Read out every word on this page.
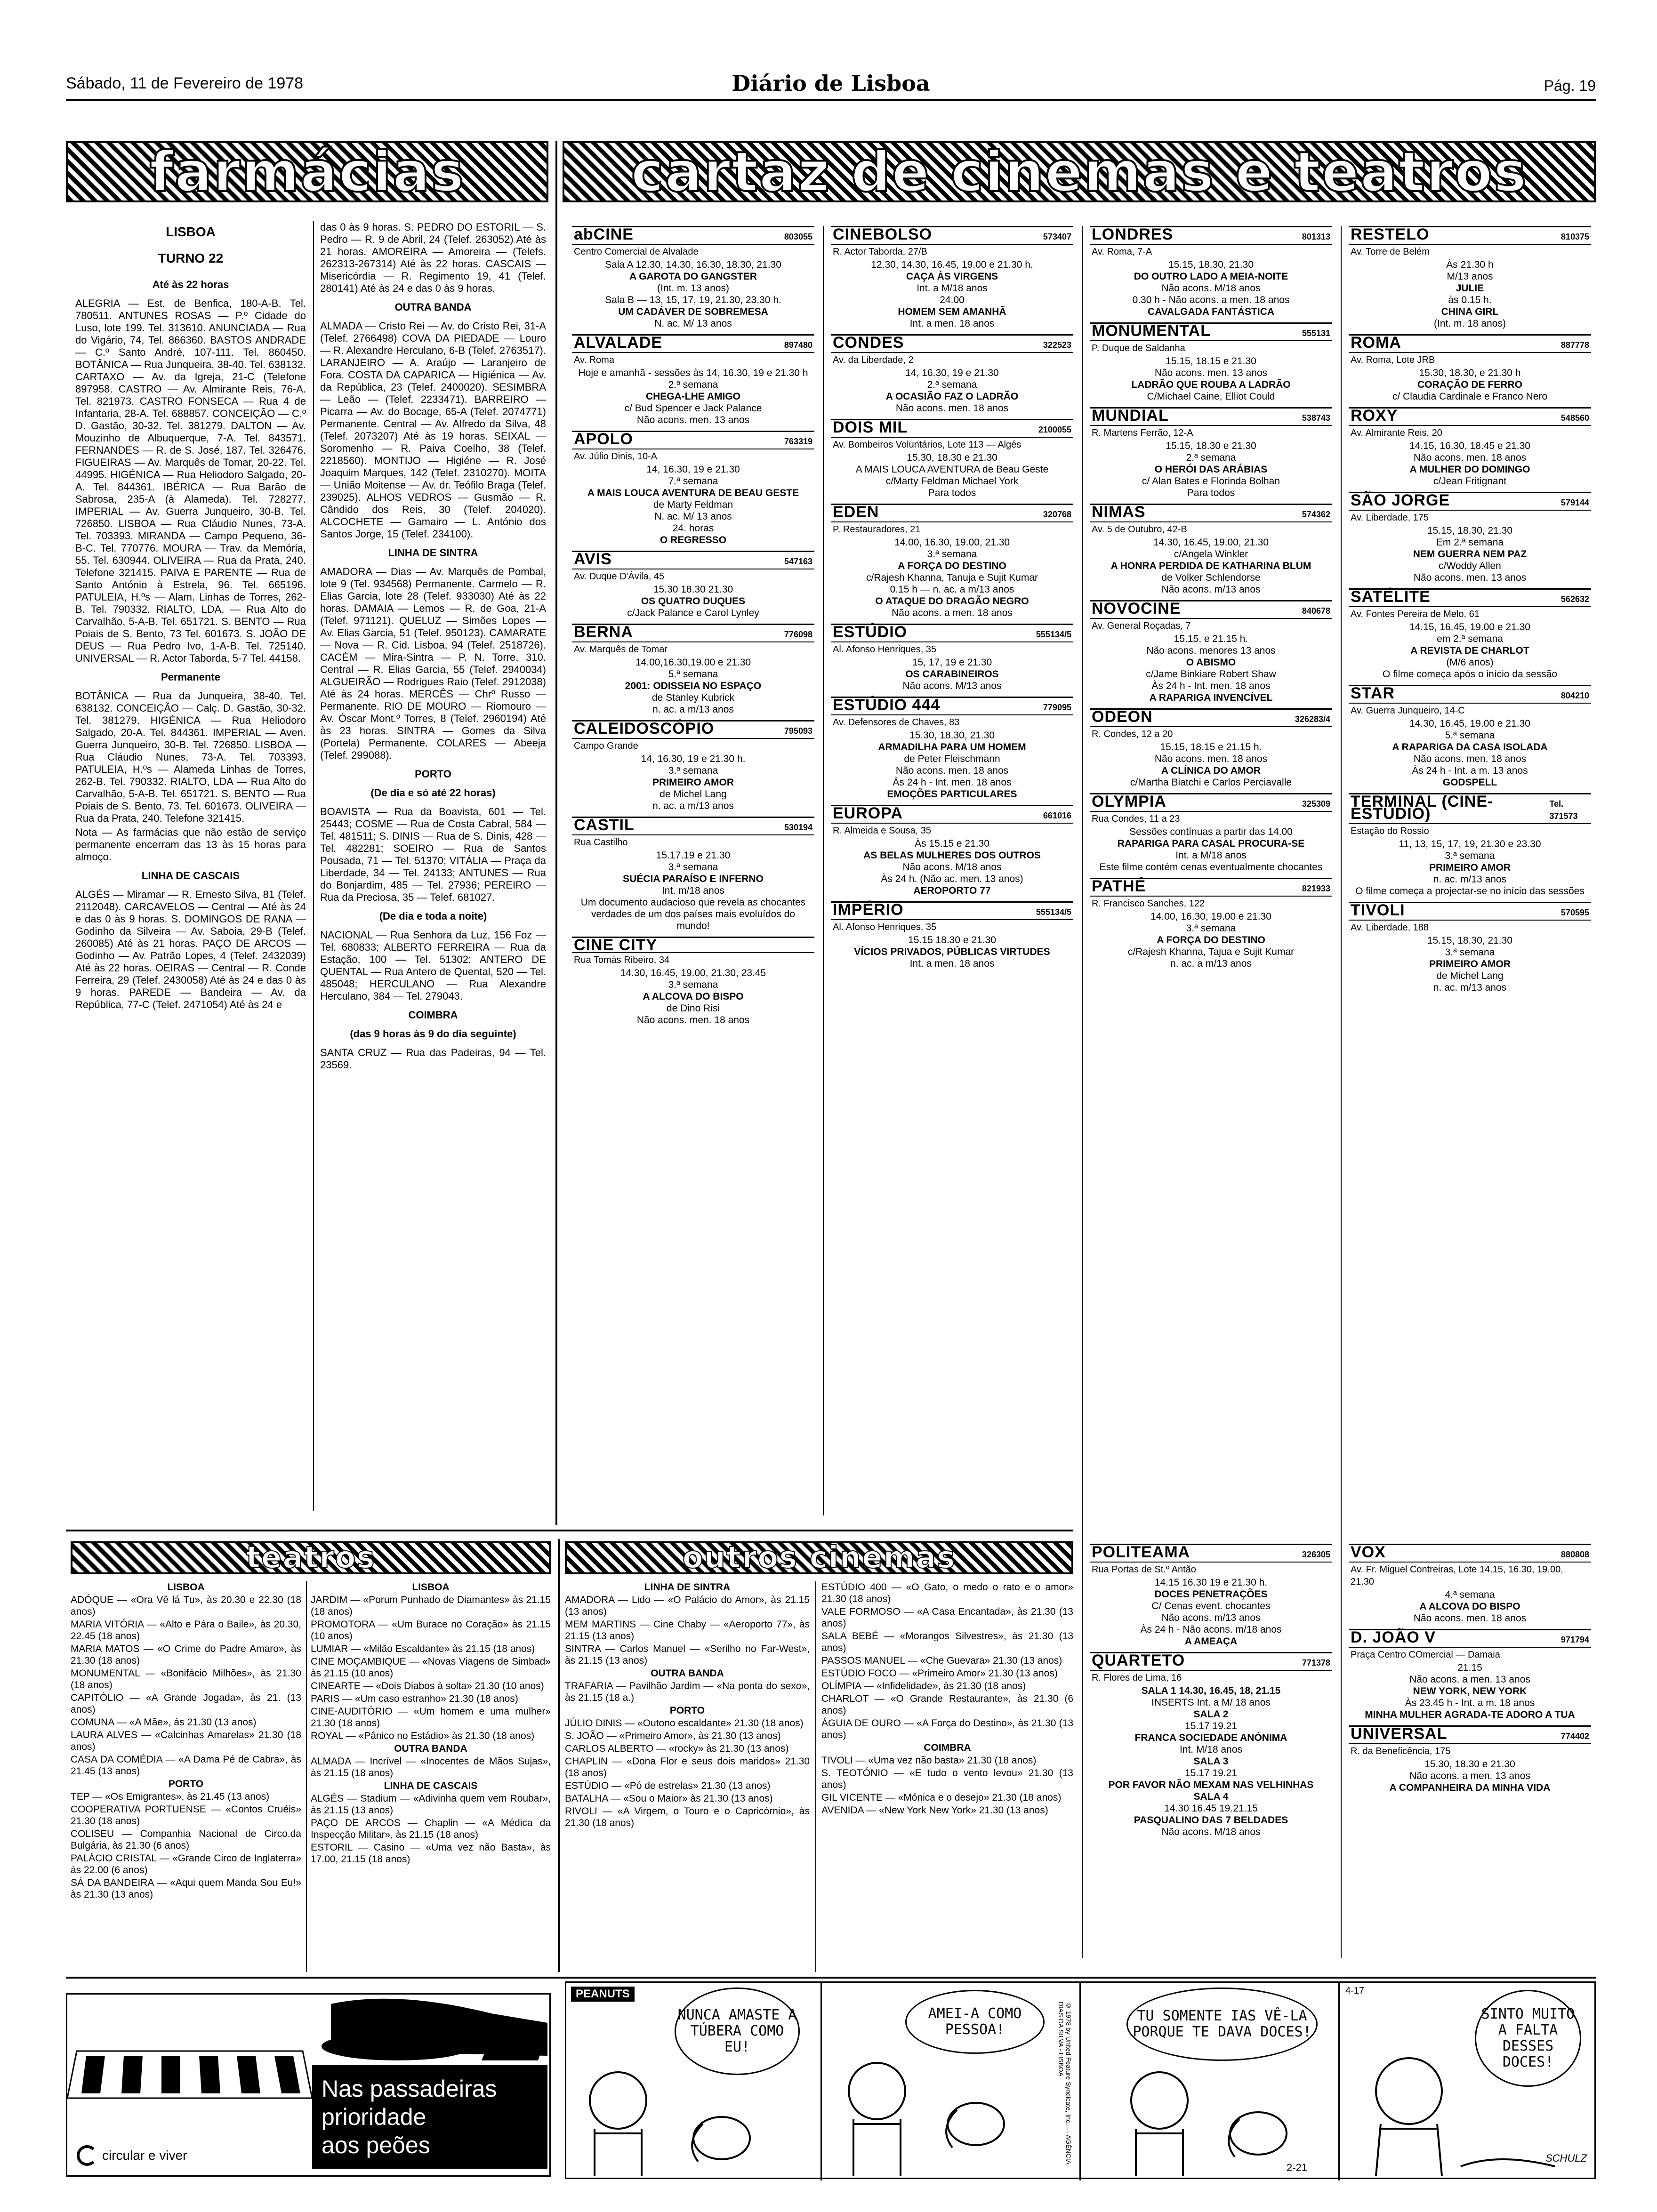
Sábado, 11 de Fevereiro de 1978	Diário de Lisboa	Pág. 19
farmácias	cartaz de cinemas e teatros

LISBOA

TURNO 22

Até às 22 horas

ALEGRIA — Est. de Benfica, 180-A-B. Tel. 780511. ANTUNES ROSAS — P.º Cidade do Luso, lote 199. Tel. 313610. ANUNCIADA — Rua do Vigário, 74, Tel. 866360. BASTOS ANDRADE — C.º Santo André, 107-111. Tel. 860450. BOTÂNICA — Rua Junqueira, 38-40. Tel. 638132. CARTAXO — Av. da Igreja, 21-C (Telefone 897958. CASTRO — Av. Almirante Reis, 76-A. Tel. 821973. CASTRO FONSECA — Rua 4 de Infantaria, 28-A. Tel. 688857. CONCEIÇÃO — C.º D. Gastão, 30-32. Tel. 381279. DALTON — Av. Mouzinho de Albuquerque, 7-A. Tel. 843571. FERNANDES — R. de S. José, 187. Tel. 326476. FIGUEIRAS — Av. Marquês de Tomar, 20-22. Tel. 44995. HIGÉNICA — Rua Heliodoro Salgado, 20-A. Tel. 844361. IBÉRICA — Rua Barão de Sabrosa, 235-A (à Alameda). Tel. 728277. IMPERIAL — Av. Guerra Junqueiro, 30-B. Tel. 726850. LISBOA — Rua Cláudio Nunes, 73-A. Tel. 703393. MIRANDA — Campo Pequeno, 36-B-C. Tel. 770776. MOURA — Trav. da Memória, 55. Tel. 630944. OLIVEIRA — Rua da Prata, 240. Telefone 321415. PAIVA E PARENTE — Rua de Santo António à Estrela, 96. Tel. 665196. PATULEIA, H.ºs — Alam. Linhas de Torres, 262-B. Tel. 790332. RIALTO, LDA. — Rua Alto do Carvalhão, 5-A-B. Tel. 651721. S. BENTO — Rua Poiais de S. Bento, 73 Tel. 601673. S. JOÃO DE DEUS — Rua Pedro Ivo, 1-A-B. Tel. 725140. UNIVERSAL — R. Actor Taborda, 5-7 Tel. 44158.

Permanente

BOTÂNICA — Rua da Junqueira, 38-40. Tel. 638132. CONCEIÇÃO — Calç. D. Gastão, 30-32. Tel. 381279. HIGÉNICA — Rua Heliodoro Salgado, 20-A. Tel. 844361. IMPERIAL — Aven. Guerra Junqueiro, 30-B. Tel. 726850. LISBOA — Rua Cláudio Nunes, 73-A. Tel. 703393. PATULEIA, H.ºs — Alameda Linhas de Torres, 262-B. Tel. 790332. RIALTO, LDA — Rua Alto do Carvalhão, 5-A-B. Tel. 651721. S. BENTO — Rua Poiais de S. Bento, 73. Tel. 601673. OLIVEIRA — Rua da Prata, 240. Telefone 321415.

Nota — As farmácias que não estão de serviço permanente encerram das 13 às 15 horas para almoço.

LINHA DE CASCAIS

ALGÉS — Miramar — R. Ernesto Silva, 81 (Telef. 2112048). CARCAVELOS — Central — Até às 24 e das 0 às 9 horas. S. DOMINGOS DE RANA — Godinho da Silveira — Av. Saboia, 29-B (Telef. 260085) Até às 21 horas. PAÇO DE ARCOS — Godinho — Av. Patrão Lopes, 4 (Telef. 2432039) Até às 22 horas. OEIRAS — Central — R. Conde Ferreira, 29 (Telef. 2430058) Até às 24 e das 0 às 9 horas. PAREDE — Bandeira — Av. da República, 77-C (Telef. 2471054) Até às 24 e

das 0 às 9 horas. S. PEDRO DO ESTORIL — S. Pedro — R. 9 de Abril, 24 (Telef. 263052) Até às 21 horas. AMOREIRA — Amoreira — (Telefs. 262313-267314) Até às 22 horas. CASCAIS — Misericórdia — R. Regimento 19, 41 (Telef. 280141) Até às 24 e das 0 às 9 horas.

OUTRA BANDA

ALMADA — Cristo Rei — Av. do Cristo Rei, 31-A (Telef. 2766498) COVA DA PIEDADE — Louro — R. Alexandre Herculano, 6-B (Telef. 2763517). LARANJEIRO — A. Araújo — Laranjeiro de Fora. COSTA DA CAPARICA — Higiénica — Av. da República, 23 (Telef. 2400020). SESIMBRA — Leão — (Telef. 2233471). BARREIRO — Picarra — Av. do Bocage, 65-A (Telef. 2074771) Permanente. Central — Av. Alfredo da Silva, 48 (Telef. 2073207) Até às 19 horas. SEIXAL — Soromenho — R. Paiva Coelho, 38 (Telef. 2218560). MONTIJO — Higiéne — R. José Joaquim Marques, 142 (Telef. 2310270). MOITA — União Moitense — Av. dr. Teófilo Braga (Telef. 239025). ALHOS VEDROS — Gusmão — R. Cândido dos Reis, 30 (Telef. 204020). ALCOCHETE — Gamairo — L. António dos Santos Jorge, 15 (Telef. 234100).

LINHA DE SINTRA

AMADORA — Dias — Av. Marquês de Pombal, lote 9 (Tel. 934568) Permanente. Carmelo — R. Elias Garcia, lote 28 (Telef. 933030) Até às 22 horas. DAMAIA — Lemos — R. de Goa, 21-A (Telef. 971121). QUELUZ — Simões Lopes — Av. Elias Garcia, 51 (Telef. 950123). CAMARATE — Nova — R. Cid. Lisboa, 94 (Telef. 2518726). CACÉM — Mira-Sintra — P. N. Torre, 310. Central — R. Elias Garcia, 55 (Telef. 2940034) ALGUEIRÃO — Rodrigues Raio (Telef. 2912038) Até às 24 horas. MERCÊS — Chrº Russo — Permanente. RIO DE MOURO — Riomouro — Av. Óscar Mont.º Torres, 8 (Telef. 2960194) Até às 23 horas. SINTRA — Gomes da Silva (Portela) Permanente. COLARES — Abeeja (Telef. 299088).

PORTO

(De dia e só até 22 horas)

BOAVISTA — Rua da Boavista, 601 — Tel. 25443; COSME — Rua de Costa Cabral, 584 — Tel. 481511; S. DINIS — Rua de S. Dinis, 428 — Tel. 482281; SOEIRO — Rua de Santos Pousada, 71 — Tel. 51370; VITÁLIA — Praça da Liberdade, 34 — Tel. 24133; ANTUNES — Rua do Bonjardim, 485 — Tel. 27936; PEREIRO — Rua da Preciosa, 35 — Telef. 681027.

(De dia e toda a noite)

NACIONAL — Rua Senhora da Luz, 156 Foz — Tel. 680833; ALBERTO FERREIRA — Rua da Estação, 100 — Tel. 51302; ANTERO DE QUENTAL — Rua Antero de Quental, 520 — Tel. 485048; HERCULANO — Rua Alexandre Herculano, 384 — Tel. 279043.

COIMBRA

(das 9 horas às 9 do dia seguinte)

SANTA CRUZ — Rua das Padeiras, 94 — Tel. 23569.

abCINE	803055
Centro Comercial de Alvalade
Sala A 12.30, 14.30, 16.30, 18.30, 21.30
A GAROTA DO GANGSTER
(Int. m. 13 anos)
Sala B — 13, 15, 17, 19, 21.30, 23.30 h.
UM CADÁVER DE SOBREMESA
N. ac. M/ 13 anos
ALVALADE	897480
Av. Roma
Hoje e amanhã - sessões às 14, 16.30, 19 e 21.30 h
2.ª semana
CHEGA-LHE AMIGO
c/ Bud Spencer e Jack Palance
Não acons. men. 13 anos
APOLO	763319
Av. Júlio Dinis, 10-A
14, 16.30, 19 e 21.30
7.ª semana
A MAIS LOUCA AVENTURA DE BEAU GESTE
de Marty Feldman
N. ac. M/ 13 anos
24. horas
O REGRESSO
AVIS	547163
Av. Duque D'Ávila, 45
15.30 18.30 21.30
OS QUATRO DUQUES
c/Jack Palance e Carol Lynley
BERNA	776098
Av. Marquês de Tomar
14.00,16.30,19.00 e 21.30
5.ª semana
2001: ODISSEIA NO ESPAÇO
de Stanley Kubrick
n. ac. a m/13 anos
CALEIDOSCÓPIO	795093
Campo Grande
14, 16.30, 19 e 21.30 h.
3.ª semana
PRIMEIRO AMOR
de Michel Lang
n. ac. a m/13 anos
CASTIL	530194
Rua Castilho
15.17.19 e 21.30
3.ª semana
SUÉCIA PARAÍSO E INFERNO
Int. m/18 anos
Um documento audacioso que revela as chocantes verdades de um dos países mais evoluídos do mundo!
CINE CITY
Rua Tomás Ribeiro, 34
14.30, 16.45, 19.00, 21.30, 23.45
3.ª semana
A ALCOVA DO BISPO
de Dino Risi
Não acons. men. 18 anos
CINEBOLSO	573407
R. Actor Taborda, 27/B
12.30, 14.30, 16.45, 19.00 e 21.30 h.
CAÇA ÀS VIRGENS
Int. a M/18 anos
24.00
HOMEM SEM AMANHÃ
Int. a men. 18 anos
CONDES	322523
Av. da Liberdade, 2
14, 16.30, 19 e 21.30
2.ª semana
A OCASIÃO FAZ O LADRÃO
Não acons. men. 18 anos
DOIS MIL	2100055
Av. Bombeiros Voluntários, Lote 113 — Algés
15.30, 18.30 e 21.30
A MAIS LOUCA AVENTURA de Beau Geste
c/Marty Feldman Michael York
Para todos
EDEN	320768
P. Restauradores, 21
14.00, 16.30, 19.00, 21.30
3.ª semana
A FORÇA DO DESTINO
c/Rajesh Khanna, Tanuja e Sujit Kumar
0.15 h — n. ac. a m/13 anos
O ATAQUE DO DRAGÃO NEGRO
Não acons. a men. 18 anos
ESTÚDIO	555134/5
Al. Afonso Henriques, 35
15, 17, 19 e 21.30
OS CARABINEIROS
Não acons. M/13 anos
ESTÚDIO 444	779095
Av. Defensores de Chaves, 83
15.30, 18.30, 21.30
ARMADILHA PARA UM HOMEM
de Peter Fleischmann
Não acons. men. 18 anos
Às 24 h - Int. men. 18 anos
EMOÇÕES PARTICULARES
EUROPA	661016
R. Almeida e Sousa, 35
Às 15.15 e 21.30
AS BELAS MULHERES DOS OUTROS
Não acons. M/18 anos
Às 24 h. (Não ac. men. 13 anos)
AEROPORTO 77
IMPÉRIO	555134/5
Al. Afonso Henriques, 35
15.15 18.30 e 21.30
VÍCIOS PRIVADOS, PÚBLICAS VIRTUDES
Int. a men. 18 anos
LONDRES	801313
Av. Roma, 7-A
15.15, 18.30, 21.30
DO OUTRO LADO A MEIA-NOITE
Não acons. M/18 anos
0.30 h - Não acons. a men. 18 anos
CAVALGADA FANTÁSTICA
MONUMENTAL	555131
P. Duque de Saldanha
15.15, 18.15 e 21.30
Não acons. men. 13 anos
LADRÃO QUE ROUBA A LADRÃO
C/Michael Caine, Elliot Could
MUNDIAL	538743
R. Martens Ferrão, 12-A
15.15, 18.30 e 21.30
2.ª semana
O HERÓI DAS ARÁBIAS
c/ Alan Bates e Florinda Bolhan
Para todos
NIMAS	574362
Av. 5 de Outubro, 42-B
14.30, 16.45, 19.00, 21.30
c/Angela Winkler
A HONRA PERDIDA DE KATHARINA BLUM
de Volker Schlendorse
Não acons. m/13 anos
NOVOCINE	840678
Av. General Roçadas, 7
15.15, e 21.15 h.
Não acons. menores 13 anos
O ABISMO
c/Jame Binkiare Robert Shaw
Às 24 h - Int. men. 18 anos
A RAPARIGA INVENCÍVEL
ODEON	326283/4
R. Condes, 12 a 20
15.15, 18.15 e 21.15 h.
Não acons. men. 18 anos
A CLÍNICA DO AMOR
c/Martha Biatchi e Carlos Perciavalle
OLYMPIA	325309
Rua Condes, 11 a 23
Sessões contínuas a partir das 14.00
RAPARIGA PARA CASAL PROCURA-SE
Int. a M/18 anos
Este filme contém cenas eventualmente chocantes
PATHÉ	821933
R. Francisco Sanches, 122
14.00, 16.30, 19.00 e 21.30
3.ª semana
A FORÇA DO DESTINO
c/Rajesh Khanna, Tajua e Sujit Kumar
n. ac. a m/13 anos
RESTELO	810375
Av. Torre de Belém
Às 21.30 h
M/13 anos
JULIE
às 0.15 h.
CHINA GIRL
(Int. m. 18 anos)
ROMA	887778
Av. Roma, Lote JRB
15.30, 18.30, e 21.30 h
CORAÇÃO DE FERRO
c/ Claudia Cardinale e Franco Nero
ROXY	548560
Av. Almirante Reis, 20
14.15, 16.30, 18.45 e 21.30
Não acons. men. 18 anos
A MULHER DO DOMINGO
c/Jean Fritignant
SÃO JORGE	579144
Av. Liberdade, 175
15.15, 18.30, 21.30
Em 2.ª semana
NEM GUERRA NEM PAZ
c/Woddy Allen
Não acons. men. 13 anos
SATÉLITE	562632
Av. Fontes Pereira de Melo, 61
14.15, 16.45, 19.00 e 21.30
em 2.ª semana
A REVISTA DE CHARLOT
(M/6 anos)
O filme começa após o início da sessão
STAR	804210
Av. Guerra Junqueiro, 14-C
14.30, 16.45, 19.00 e 21.30
5.ª semana
A RAPARIGA DA CASA ISOLADA
Não acons. men. 18 anos
Às 24 h - Int. a m. 13 anos
GODSPELL
TERMINAL (CINE-ESTÚDIO)
Tel. 371573
Estação do Rossio
11, 13, 15, 17, 19, 21.30 e 23.30
3.ª semana
PRIMEIRO AMOR
n. ac. m/13 anos
O filme começa a projectar-se no início das sessões
TIVOLI	570595
Av. Liberdade, 188
15.15, 18.30, 21.30
3.ª semana
PRIMEIRO AMOR
de Michel Lang
n. ac. m/13 anos
teatros	outros cinemas

LISBOA

ADÓQUE — «Ora Vê lá Tu», às 20.30 e 22.30 (18 anos)

MARIA VITÓRIA — «Alto e Pára o Baile», às 20.30, 22.45 (18 anos)

MARIA MATOS — «O Crime do Padre Amaro», às 21.30 (18 anos)

MONUMENTAL — «Bonifácio Milhões», às 21.30 (18 anos)

CAPITÓLIO — «A Grande Jogada», às 21. (13 anos)

COMUNA — «A Mãe», às 21.30 (13 anos)

LAURA ALVES — «Calcinhas Amarelas» 21.30 (18 anos)

CASA DA COMÉDIA — «A Dama Pé de Cabra», às 21.45 (13 anos)

PORTO

TEP — «Os Emigrantes», às 21.45 (13 anos)

COOPERATIVA PORTUENSE — «Contos Cruéis» 21.30 (18 anos)

COLISEU — Companhia Nacional de Circo.da Bulgária, às 21.30 (6 anos)

PALÁCIO CRISTAL — «Grande Circo de Inglaterra» às 22.00 (6 anos)

SÁ DA BANDEIRA — «Aqui quem Manda Sou Eu!» às 21.30 (13 anos)

LISBOA

JARDIM — «Porum Punhado de Diamantes» às 21.15 (18 anos)

PROMOTORA — «Um Burace no Coração» às 21.15 (10 anos)

LUMIAR — «Milão Escaldante» às 21.15 (18 anos)

CINE MOÇAMBIQUE — «Novas Viagens de Simbad» às 21.15 (10 anos)

CINEARTE — «Dois Diabos à solta» 21.30 (10 anos)

PARIS — «Um caso estranho» 21.30 (18 anos)

CINE-AUDITÓRIO — «Um homem e uma mulher» 21.30 (18 anos)

ROYAL — «Pânico no Estádio» às 21.30 (18 anos)

OUTRA BANDA

ALMADA — Incrível — «Inocentes de Mãos Sujas», às 21.15 (18 anos)

LINHA DE CASCAIS

ALGÉS — Stadium — «Adivinha quem vem Roubar», às 21.15 (13 anos)

PAÇO DE ARCOS — Chaplin — «A Médica da Inspecção Militar», às 21.15 (18 anos)

ESTORIL — Casino — «Uma vez não Basta», às 17.00, 21.15 (18 anos)

LINHA DE SINTRA

AMADORA — Lido — «O Palácio do Amor», às 21.15 (13 anos)

MEM MARTINS — Cine Chaby — «Aeroporto 77», às 21.15 (13 anos)

SINTRA — Carlos Manuel — «Serilho no Far-West», às 21.15 (13 anos)

OUTRA BANDA

TRAFARIA — Pavilhão Jardim — «Na ponta do sexo», às 21.15 (18 a.)

PORTO

JÚLIO DINIS — «Outono escaldante» 21.30 (18 anos)

S. JOÃO — «Primeiro Amor», às 21.30 (13 anos)

CARLOS ALBERTO — «rocky» às 21.30 (13 anos)

CHAPLIN — «Dona Flor e seus dois maridos» 21.30 (18 anos)

ESTÚDIO — «Pó de estrelas» 21.30 (13 anos)

BATALHA — «Sou o Maior» às 21.30 (13 anos)

RIVOLI — «A Virgem, o Touro e o Capricórnio», às 21.30 (18 anos)

ESTÚDIO 400 — «O Gato, o medo o rato e o amor» 21.30 (18 anos)

VALE FORMOSO — «A Casa Encantada», às 21.30 (13 anos)

SALA BEBÉ — «Morangos Silvestres», às 21.30 (13 anos)

PASSOS MANUEL — «Che Guevara» 21.30 (13 anos)

ESTÚDIO FOCO — «Primeiro Amor» 21.30 (13 anos)

OLÍMPIA — «Infidelidade», às 21.30 (18 anos)

CHARLOT — «O Grande Restaurante», às 21.30 (6 anos)

ÁGUIA DE OURO — «A Força do Destino», às 21.30 (13 anos)

COIMBRA

TIVOLI — «Uma vez não basta» 21.30 (18 anos)

S. TEOTÓNIO — «E tudo o vento levou» 21.30 (13 anos)

GIL VICENTE — «Mónica e o desejo» 21.30 (18 anos)

AVENIDA — «New York New York» 21.30 (13 anos)

POLITEAMA	326305
Rua Portas de St.º Antão
14.15 16.30 19 e 21.30 h.
DOCES PENETRAÇÕES
C/ Cenas event. chocantes
Não acons. m/13 anos
Às 24 h - Não acons. m/18 anos
A AMEAÇA
QUARTETO	771378
R. Flores de Lima, 16
SALA 1 14.30, 16.45, 18, 21.15
INSERTS Int. a M/ 18 anos
SALA 2
15.17 19.21
FRANCA SOCIEDADE ANÓNIMA
Int. M/18 anos
SALA 3
15.17 19.21
POR FAVOR NÃO MEXAM NAS VELHINHAS
SALA 4
14.30 16.45 19.21.15
PASQUALINO DAS 7 BELDADES
Não acons. M/18 anos
VOX	880808
Av. Fr. Miguel Contreiras, Lote 14.15, 16.30, 19.00, 21.30
4.ª semana
A ALCOVA DO BISPO
Não acons. men. 18 anos
D. JOÃO V	971794
Praça Centro COmercial — Damaia
21.15
Não acons. a men. 13 anos
NEW YORK, NEW YORK
Às 23.45 h - Int. a m. 18 anos
MINHA MULHER AGRADA-TE ADORO A TUA
UNIVERSAL	774402
R. da Beneficência, 175
15.30, 18.30 e 21.30
Não acons. a men. 13 anos
A COMPANHEIRA DA MINHA VIDA
Nas passadeiras
prioridade
aos peões
circular e viver
PEANUTS
NUNCA AMASTE A TÚBERA COMO EU!
AMEI-A COMO PESSOA!
TU SOMENTE IAS VÊ-LA PORQUE TE DAVA DOCES!
SINTO MUITO A FALTA DESSES DOCES!
© 1978 by United Feature Syndicate, Inc. — AGÊNCIA DIAS DA SILVA - LISBOA
2-21
4-17
SCHULZ
